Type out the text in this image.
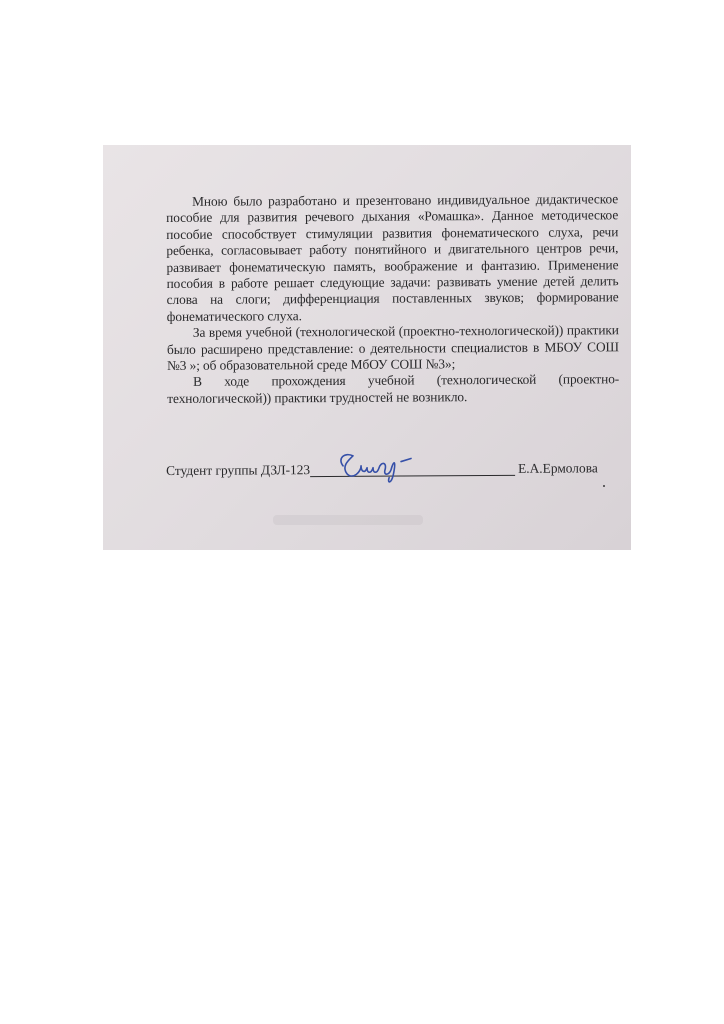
Мною было разработано и презентовано индивидуальное дидактическое пособие для развития речевого дыхания «Ромашка». Данное методическое пособие способствует стимуляции развития фонематического слуха, речи ребенка, согласовывает работу понятийного и двигательного центров речи, развивает фонематическую память, воображение и фантазию. Применение пособия в работе решает следующие задачи: развивать умение детей делить слова на слоги; дифференциация поставленных звуков; формирование фонематического слуха.

За время учебной (технологической (проектно-технологической)) практики было расширено представление: о деятельности специалистов в МБОУ СОШ №3 »; об образовательной среде МбОУ СОШ №3»;

В ходе прохождения учебной (технологической (проектно-технологической)) практики трудностей не возникло.

Студент группы ДЗЛ-123	Е.А.Ермолова
